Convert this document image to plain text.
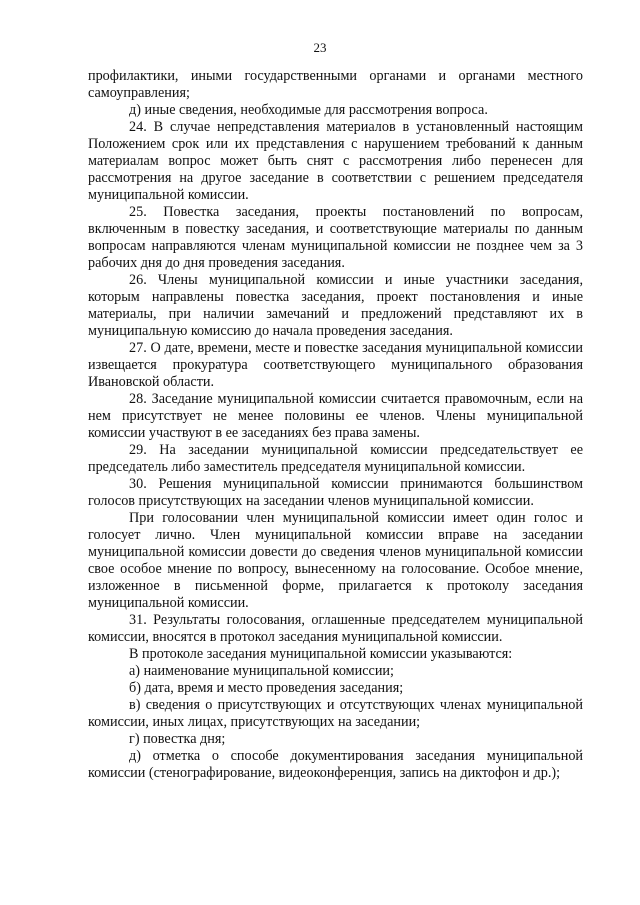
23

профилактики, иными государственными органами и органами местного самоуправления;

д) иные сведения, необходимые для рассмотрения вопроса.

24. В случае непредставления материалов в установленный настоящим Положением срок или их представления с нарушением требований к данным материалам вопрос может быть снят с рассмотрения либо перенесен для рассмотрения на другое заседание в соответствии с решением председателя муниципальной комиссии.

25. Повестка заседания, проекты постановлений по вопросам, включенным в повестку заседания, и соответствующие материалы по данным вопросам направляются членам муниципальной комиссии не позднее чем за 3 рабочих дня до дня проведения заседания.

26. Члены муниципальной комиссии и иные участники заседания, которым направлены повестка заседания, проект постановления и иные материалы, при наличии замечаний и предложений представляют их в муниципальную комиссию до начала проведения заседания.

27. О дате, времени, месте и повестке заседания муниципальной комиссии извещается прокуратура соответствующего муниципального образования Ивановской области.

28. Заседание муниципальной комиссии считается правомочным, если на нем присутствует не менее половины ее членов. Члены муниципальной комиссии участвуют в ее заседаниях без права замены.

29. На заседании муниципальной комиссии председательствует ее председатель либо заместитель председателя муниципальной комиссии.

30. Решения муниципальной комиссии принимаются большинством голосов присутствующих на заседании членов муниципальной комиссии.

При голосовании член муниципальной комиссии имеет один голос и голосует лично. Член муниципальной комиссии вправе на заседании муниципальной комиссии довести до сведения членов муниципальной комиссии свое особое мнение по вопросу, вынесенному на голосование. Особое мнение, изложенное в письменной форме, прилагается к протоколу заседания муниципальной комиссии.

31. Результаты голосования, оглашенные председателем муниципальной комиссии, вносятся в протокол заседания муниципальной комиссии.

В протоколе заседания муниципальной комиссии указываются:

а) наименование муниципальной комиссии;

б) дата, время и место проведения заседания;

в) сведения о присутствующих и отсутствующих членах муниципальной комиссии, иных лицах, присутствующих на заседании;

г) повестка дня;

д) отметка о способе документирования заседания муниципальной комиссии (стенографирование, видеоконференция, запись на диктофон и др.);
